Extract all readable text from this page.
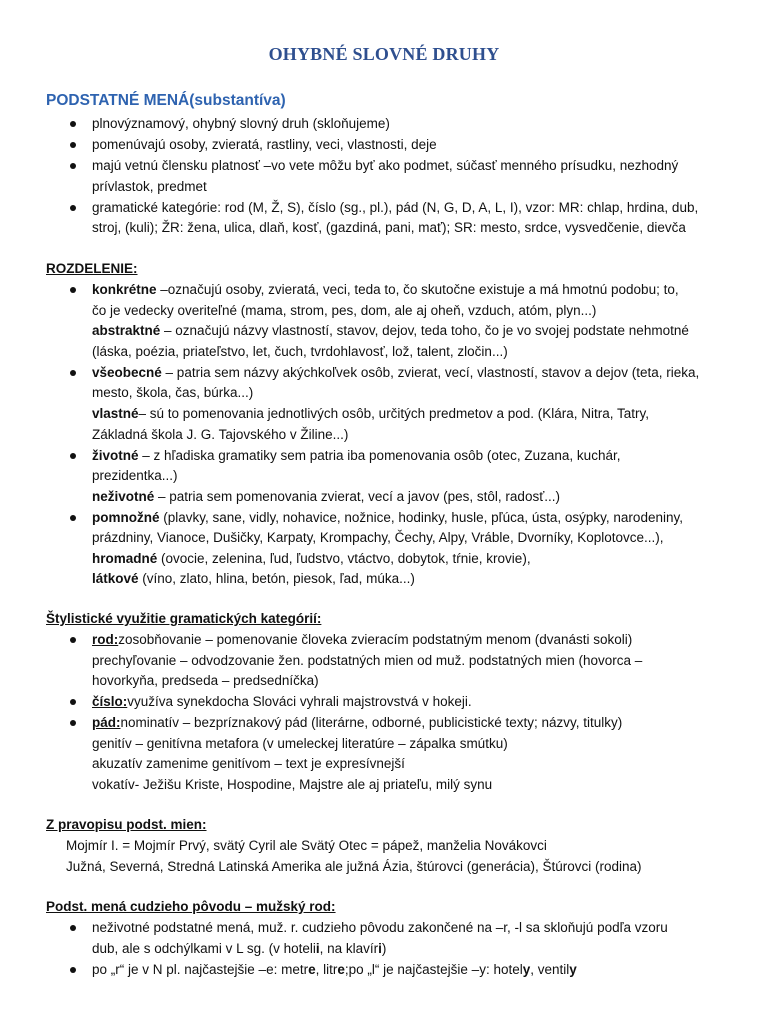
OHYBNÉ SLOVNÉ DRUHY
PODSTATNÉ MENÁ(substantíva)
plnovýznamový, ohybný slovný druh (skloňujeme)
pomenúvajú osoby, zvieratá, rastliny, veci, vlastnosti, deje
majú vetnú člensku platnosť –vo vete môžu byť ako podmet, súčasť menného prísudku, nezhodný
prívlastok, predmet
gramatické kategórie: rod (M, Ž, S), číslo (sg., pl.), pád (N, G, D, A, L, I), vzor: MR: chlap, hrdina, dub,
stroj, (kuli); ŽR: žena, ulica, dlaň, kosť, (gazdiná, pani, mať); SR: mesto, srdce, vysvedčenie, dievča
ROZDELENIE:
konkrétne –označujú osoby, zvieratá, veci, teda to, čo skutočne existuje a má hmotnú podobu; to,
čo je vedecky overiteľné (mama, strom, pes, dom, ale aj oheň, vzduch, atóm, plyn...)
abstraktné – označujú názvy vlastností, stavov, dejov, teda toho, čo je vo svojej podstate nehmotné
(láska, poézia, priateľstvo, let, čuch, tvrdohlavosť, lož, talent, zločin...)
všeobecné – patria sem názvy akýchkoľvek osôb, zvierat, vecí, vlastností, stavov a dejov (teta, rieka,
mesto, škola, čas, búrka...)
vlastné– sú to pomenovania jednotlivých osôb, určitých predmetov a pod. (Klára, Nitra, Tatry,
Základná škola J. G. Tajovského v Žiline...)
životné – z hľadiska gramatiky sem patria iba pomenovania osôb (otec, Zuzana, kuchár,
prezidentka...)
neživotné – patria sem pomenovania zvierat, vecí a javov (pes, stôl, radosť...)
pomnožné (plavky, sane, vidly, nohavice, nožnice, hodinky, husle, pľúca, ústa, osýpky, narodeniny,
prázdniny, Vianoce, Dušičky, Karpaty, Krompachy, Čechy, Alpy, Vráble, Dvorníky, Koplotovce...),
hromadné (ovocie, zelenina, ľud, ľudstvo, vtáctvo, dobytok, tŕnie, krovie),
látkové (víno, zlato, hlina, betón, piesok, ľad, múka...)
Štylistické využitie gramatických kategórií:
rod:zosobňovanie – pomenovanie človeka zvieracím podstatným menom (dvanásti sokoli)
prechyľovanie – odvodzovanie žen. podstatných mien od muž. podstatných mien (hovorca –
hovorkyňa, predseda – predsedníčka)
číslo:využíva synekdocha Slováci vyhrali majstrovstvá v hokeji.
pád:nominatív – bezpríznakový pád (literárne, odborné, publicistické texty; názvy, titulky)
genitív – genitívna metafora (v umeleckej literatúre – zápalka smútku)
akuzatív zamenime genitívom – text je expresívnejší
vokatív- Ježišu Kriste, Hospodine, Majstre ale aj priateľu, milý synu
Z pravopisu podst. mien:
Mojmír I. = Mojmír Prvý, svätý Cyril ale Svätý Otec = pápež, manželia Novákovci
Južná, Severná, Stredná Latinská Amerika ale južná Ázia, štúrovci (generácia), Štúrovci (rodina)
Podst. mená cudzieho pôvodu – mužský rod:
neživotné podstatné mená, muž. r. cudzieho pôvodu zakončené na –r, -l sa skloňujú podľa vzoru
dub, ale s odchýlkami v L sg. (v hotelii, na klavíri)
po „r“ je v N pl. najčastejšie –e: metre, litre;po „l“ je najčastejšie –y: hotely, ventily
